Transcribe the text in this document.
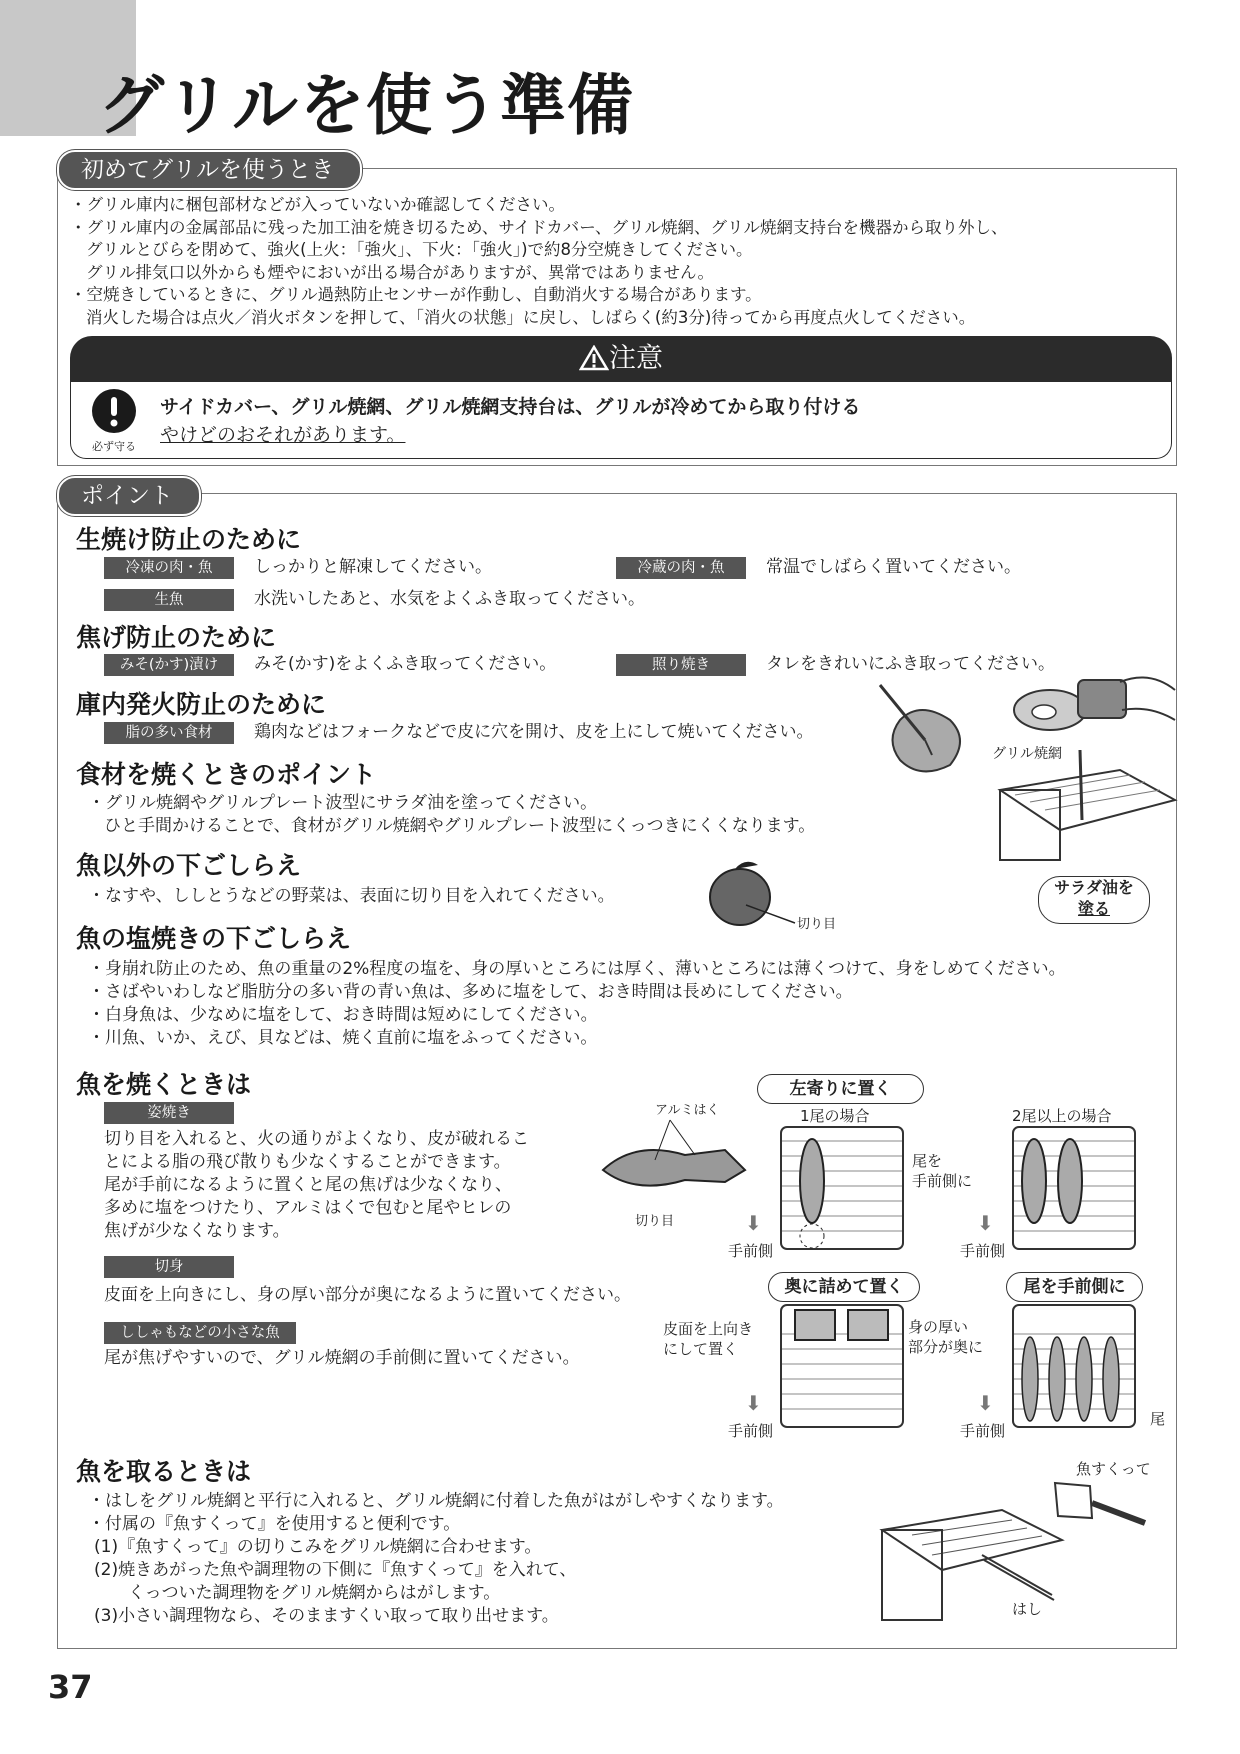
グリルを使う準備
初めてグリルを使うとき

・グリル庫内に梱包部材などが入っていないか確認してください。

・グリル庫内の金属部品に残った加工油を焼き切るため、サイドカバー、グリル焼網、グリル焼網支持台を機器から取り外し、
グリルとびらを閉めて、強火(上火：「強火」、下火：「強火」)で約8分空焼きしてください。
グリル排気口以外からも煙やにおいが出る場合がありますが、異常ではありません。

・空焼きしているときに、グリル過熱防止センサーが作動し、自動消火する場合があります。
消火した場合は点火／消火ボタンを押して、「消火の状態」に戻し、しばらく(約3分)待ってから再度点火してください。

注意
必ず守る
サイドカバー、グリル焼網、グリル焼網支持台は、グリルが冷めてから取り付ける
やけどのおそれがあります。
ポイント
生焼け防止のために
冷凍の肉・魚	しっかりと解凍してください。	冷蔵の肉・魚	常温でしばらく置いてください。
生魚	水洗いしたあと、水気をよくふき取ってください。
焦げ防止のために
みそ(かす)漬け	みそ(かす)をよくふき取ってください。	照り焼き	タレをきれいにふき取ってください。
庫内発火防止のために
脂の多い食材	鶏肉などはフォークなどで皮に穴を開け、皮を上にして焼いてください。
食材を焼くときのポイント
・グリル焼網やグリルプレート波型にサラダ油を塗ってください。
ひと手間かけることで、食材がグリル焼網やグリルプレート波型にくっつきにくくなります。
魚以外の下ごしらえ
・なすや、ししとうなどの野菜は、表面に切り目を入れてください。
魚の塩焼きの下ごしらえ
・身崩れ防止のため、魚の重量の2%程度の塩を、身の厚いところには厚く、薄いところには薄くつけて、身をしめてください。
・さばやいわしなど脂肪分の多い背の青い魚は、多めに塩をして、おき時間は長めにしてください。
・白身魚は、少なめに塩をして、おき時間は短めにしてください。
・川魚、いか、えび、貝などは、焼く直前に塩をふってください。
魚を焼くときは
姿焼き
切り目を入れると、火の通りがよくなり、皮が破れるこ
とによる脂の飛び散りも少なくすることができます。
尾が手前になるように置くと尾の焦げは少なくなり、
多めに塩をつけたり、アルミはくで包むと尾やヒレの
焦げが少なくなります。
切身
皮面を上向きにし、身の厚い部分が奥になるように置いてください。
ししゃもなどの小さな魚
尾が焦げやすいので、グリル焼網の手前側に置いてください。
魚を取るときは
・はしをグリル焼網と平行に入れると、グリル焼網に付着した魚がはがしやすくなります。
・付属の『魚すくって』を使用すると便利です。
(1)『魚すくって』の切りこみをグリル焼網に合わせます。
(2)焼きあがった魚や調理物の下側に『魚すくって』を入れて、
くっついた調理物をグリル焼網からはがします。
(3)小さい調理物なら、そのまますくい取って取り出せます。
グリル焼網
サラダ油を
塗る
切り目
アルミはく
切り目
左寄りに置く
1尾の場合	2尾以上の場合
尾を
手前側に
手前側	手前側
⬇	⬇
奥に詰めて置く	尾を手前側に
皮面を上向き
にして置く
身の厚い
部分が奥に
尾
⬇	⬇
手前側	手前側
魚すくって
はし
37
